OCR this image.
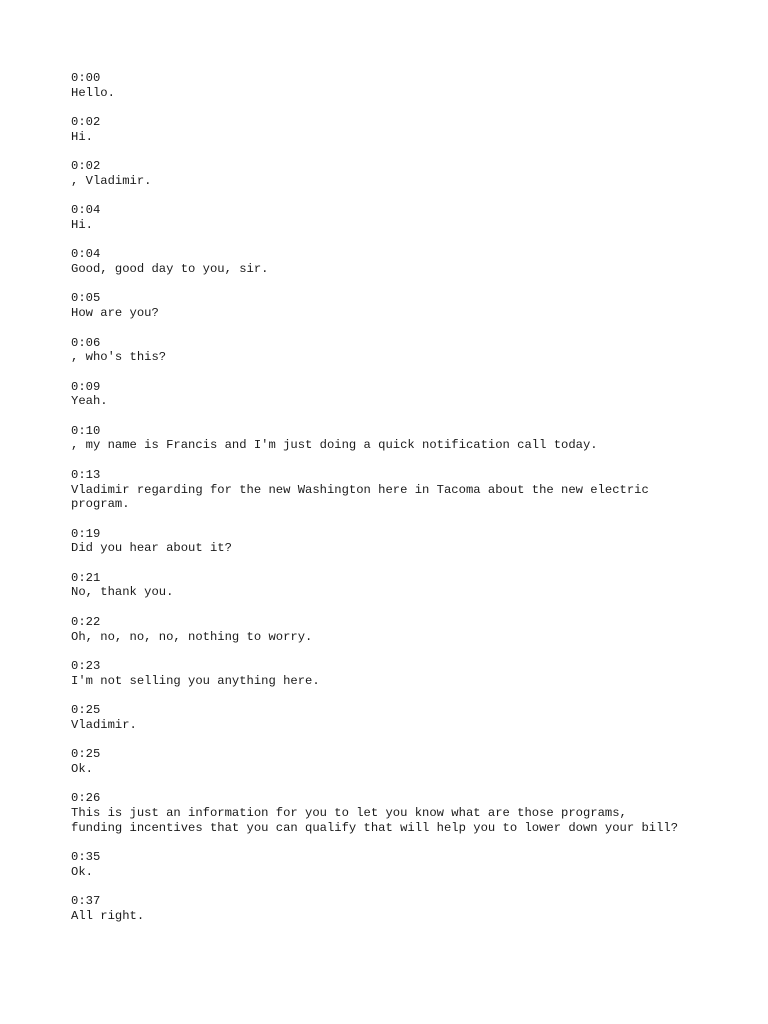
0:00
Hello.
0:02
Hi.
0:02
, Vladimir.
0:04
Hi.
0:04
Good, good day to you, sir.
0:05
How are you?
0:06
, who's this?
0:09
Yeah.
0:10
, my name is Francis and I'm just doing a quick notification call today.
0:13
Vladimir regarding for the new Washington here in Tacoma about the new electric
program.
0:19
Did you hear about it?
0:21
No, thank you.
0:22
Oh, no, no, no, nothing to worry.
0:23
I'm not selling you anything here.
0:25
Vladimir.
0:25
Ok.
0:26
This is just an information for you to let you know what are those programs,
funding incentives that you can qualify that will help you to lower down your bill?
0:35
Ok.
0:37
All right.
